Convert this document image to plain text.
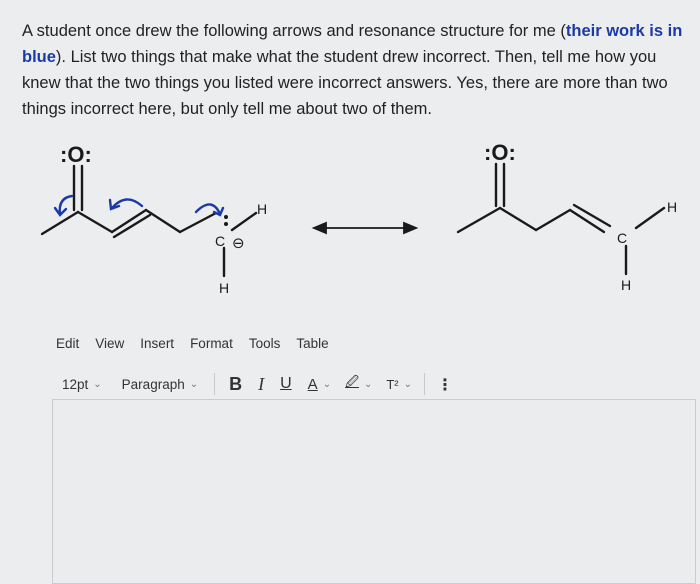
A student once drew the following arrows and resonance structure for me (their work is in blue). List two things that make what the student drew incorrect. Then, tell me how you knew that the two things you listed were incorrect answers. Yes, there are more than two things incorrect here, but only tell me about two of them.
:O:
C
H
H
⊖
:O:
C
H
H
Edit View Insert Format Tools Table
12pt ⌄ Paragraph ⌄ B I U A ⌄ 🖉 ⌄ T² ⌄ ⋮
